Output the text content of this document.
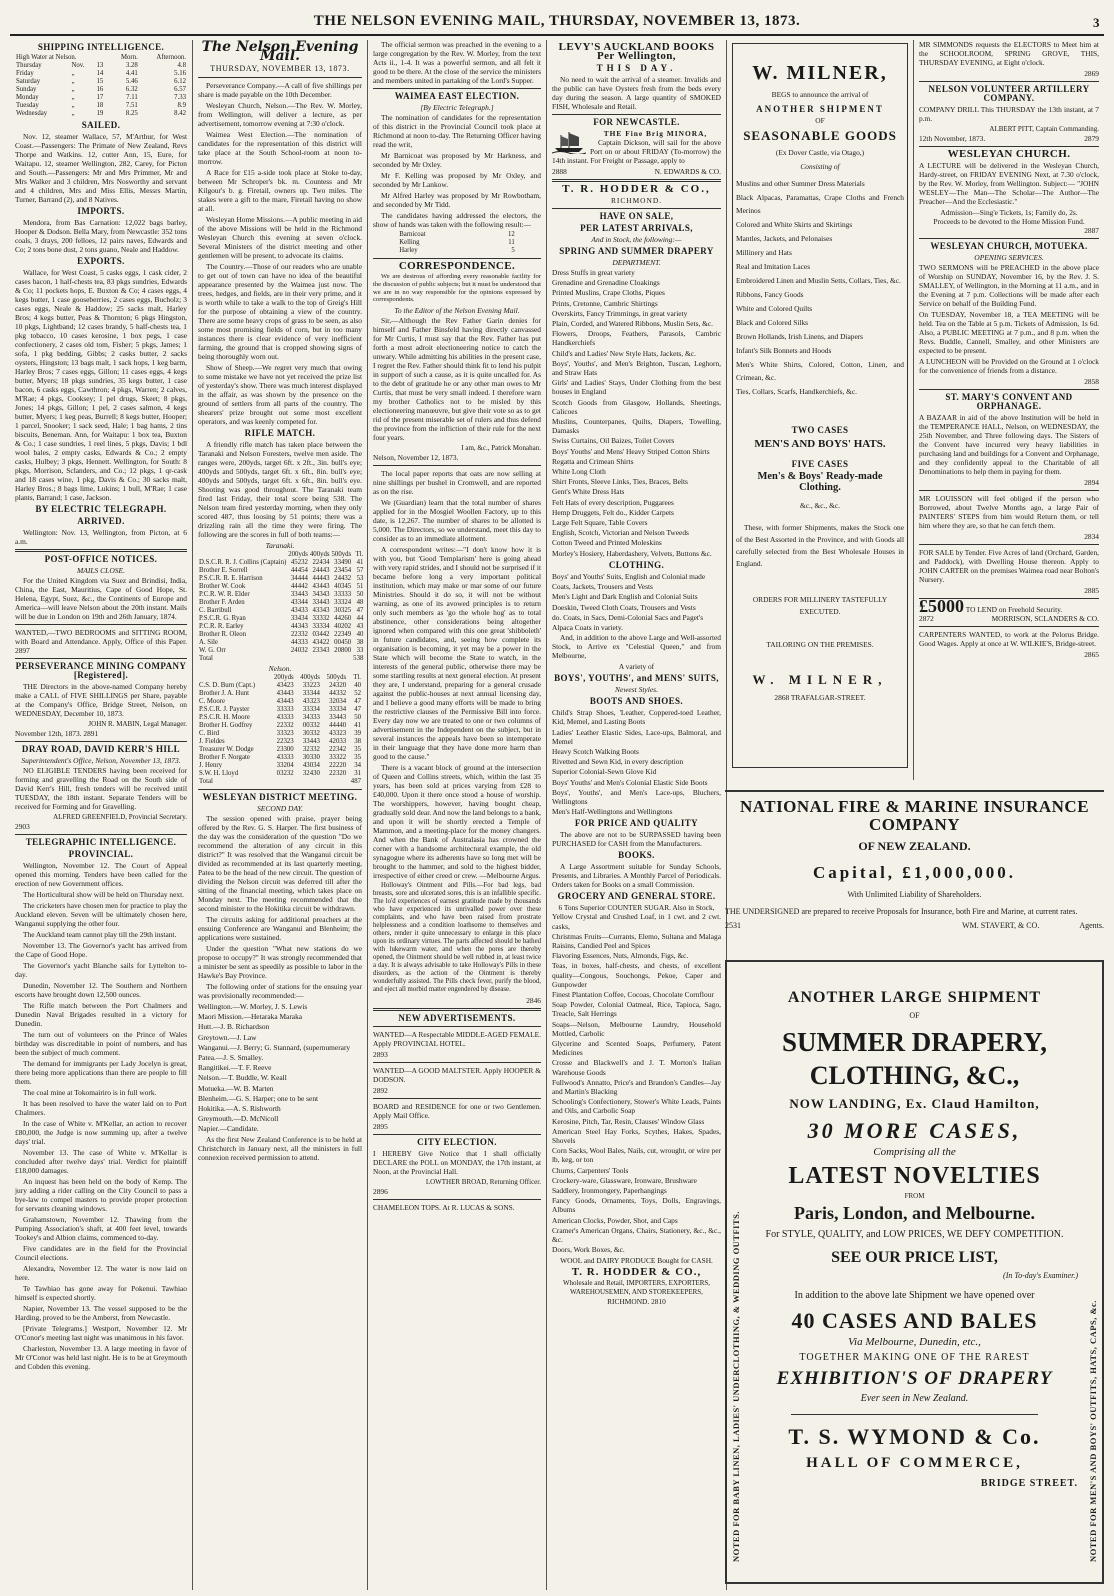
THE NELSON EVENING MAIL, THURSDAY, NOVEMBER 13, 1873.	3
SHIPPING INTELLIGENCE.
High Water at Nelson.			Morn.	Afternoon.
Thursday	Nov.	13	3.28	4.8
Friday	„	14	4.41	5.16
Saturday	„	15	5.46	6.12
Sunday	„	16	6.32	6.57
Monday	„	17	7.11	7.33
Tuesday	„	18	7.51	8.9
Wednesday	„	19	8.25	8.42
SAILED.

Nov. 12, steamer Wallace, 57, M'Arthur, for West Coast.—Passengers: The Primate of New Zealand, Revs Thorpe and Watkins. 12, cutter Ann, 15, Eure, for Waitapu. 12, steamer Wellington, 282, Carey, for Picton and South.—Passengers: Mr and Mrs Primmer, Mr and Mrs Walker and 3 children, Mrs Nosworthy and servant and 4 children, Mrs and Miss Ellis, Messrs Martin, Turner, Barrand (2), and 8 Natives.

IMPORTS.

Mendora, from Bas Carnation: 12,022 bags barley, Hooper & Dodson. Bella Mary, from Newcastle: 352 tons coals, 3 drays, 200 felloes, 12 pairs naves, Edwards and Co; 2 tons bone dust, 2 tons guano, Neale and Haddow.

EXPORTS.

Wallace, for West Coast, 5 casks eggs, 1 cask cider, 2 cases bacon, 1 half-chests tea, 83 pkgs sundries, Edwards & Co; 11 pockets hops, E. Buxton & Co; 4 cases eggs, 4 kegs butter, 1 case gooseberries, 2 cases eggs, Bucholz; 3 cases eggs, Neale & Haddow; 25 sacks malt, Harley Bros; 4 kegs butter, Peas & Thornton; 6 pkgs Hingston, 10 pkgs, Lightband; 12 cases brandy, 5 half-chests tea, 1 pkg tobacco, 10 cases kerosine, 1 box pegs, 1 case confectionery, 2 cases old tom, Fisher; 5 pkgs, James; 1 sofa, 1 pkg bedding, Gibbs; 2 casks butter, 2 sacks oysters, Hingston; 13 bags malt, 1 sack hops, 1 keg barm, Harley Bros; 7 cases eggs, Gillon; 11 cases eggs, 4 kegs butter, Myers; 18 pkgs sundries, 35 kegs butter, 1 case bacon, 6 casks eggs, Cawthron; 4 pkgs, Warren; 2 calves, M'Rae; 4 pkgs, Cooksey; 1 pel drugs, Skeet; 8 pkgs, Jones; 14 pkgs, Gillon; 1 pel, 2 cases salmon, 4 kegs butter, Myers; 1 keg peas, Burrell; 8 kegs butter, Hooper; 1 parcel, Snooker; 1 sack seed, Hale; 1 bag hams, 2 tins biscuits, Beneman. Ann, for Waitapu: 1 box tea, Buxton & Co.; 1 case sundries, 1 reel lines, 5 pkgs, Davis; 1 bdl wool bales, 2 empty casks, Edwards & Co.; 2 empty casks, Hulbey; 3 pkgs, Hennett. Wellington, for South: 8 pkgs, Morrison, Sclanders, and Co.; 12 pkgs, 1 qr-cask and 18 cases wine, 1 pkg, Davis & Co.; 30 sacks malt, Harley Bros.; 8 bags lime, Lukins; 1 bull, M'Rae; 1 case plants, Barrand; 1 case, Jackson.

BY ELECTRIC TELEGRAPH.
ARRIVED.

Wellington: Nov. 13, Wellington, from Picton, at 6 a.m.

POST-OFFICE NOTICES.
MAILS CLOSE.

For the United Kingdom via Suez and Brindisi, India, China, the East, Mauritius, Cape of Good Hope, St. Helena, Egypt, Suez, &c., the Continents of Europe and America—will leave Nelson about the 20th instant. Mails will be due in London on 19th and 26th January, 1874.

WANTED,—TWO BEDROOMS and SITTING ROOM, with Board and Attendance. Apply, Office of this Paper. 2897

PERSEVERANCE MINING COMPANY [Registered].

THE Directors in the above-named Company hereby make a CALL of FIVE SHILLINGS per Share, payable at the Company's Office, Bridge Street, Nelson, on WEDNESDAY, December 10, 1873.

JOHN R. MABIN, Legal Manager.
November 12th, 1873. 2891
DRAY ROAD, DAVID KERR'S HILL
Superintendent's Office, Nelson, November 13, 1873.

NO ELIGIBLE TENDERS having been received for forming and gravelling the Road on the South side of David Kerr's Hill, fresh tenders will be received until TUESDAY, the 18th instant. Separate Tenders will be received for Forming and for Gravelling.

ALFRED GREENFIELD, Provincial Secretary.
2903
TELEGRAPHIC INTELLIGENCE.
PROVINCIAL.

Wellington, November 12. The Court of Appeal opened this morning. Tenders have been called for the erection of new Government offices.

The Horticultural show will be held on Thursday next.

The cricketers have chosen men for practice to play the Auckland eleven. Seven will be ultimately chosen here, Wanganui supplying the other four.

The Auckland team cannot play till the 29th instant.

November 13. The Governor's yacht has arrived from the Cape of Good Hope.

The Governor's yacht Blanche sails for Lyttelton to-day.

Dunedin, November 12. The Southern and Northern escorts have brought down 12,500 ounces.

The Rifle match between the Port Chalmers and Dunedin Naval Brigades resulted in a victory for Dunedin.

The turn out of volunteers on the Prince of Wales birthday was discreditable in point of numbers, and has been the subject of much comment.

The demand for immigrants per Lady Jocelyn is great, there being more applications than there are people to fill them.

The coal mine at Tokomairiro is in full work.

It has been resolved to have the water laid on to Port Chalmers.

In the case of White v. M'Kellar, an action to recover £80,000, the Judge is now summing up, after a twelve days' trial.

November 13. The case of White v. M'Kellar is concluded after twelve days' trial. Verdict for plaintiff £18,000 damages.

An inquest has been held on the body of Kemp. The jury adding a rider calling on the City Council to pass a bye-law to compel masters to provide proper protection for servants cleaning windows.

Grahamstown, November 12. Thawing from the Pumping Association's shaft, at 400 feet level, towards Tookey's and Albion claims, commenced to-day.

Five candidates are in the field for the Provincial Council elections.

Alexandra, November 12. The water is now laid on here.

Te Tawhiao has gone away for Pokenui. Tawhiao himself is expected shortly.

Napier, November 13. The vessel supposed to be the Harding, proved to be the Amberst, from Newcastle.

[Private Telegrams.] Westport, November 12. Mr O'Conor's meeting last night was unanimous in his favor.

Charleston, November 13. A large meeting in favor of Mr O'Conor was held last night. He is to be at Greymouth and Cobden this evening.

The Nelson Evening Mail.
THURSDAY, NOVEMBER 13, 1873.

Perseverance Company.—A call of five shillings per share is made payable on the 10th December.

Wesleyan Church, Nelson.—The Rev. W. Morley, from Wellington, will deliver a lecture, as per advertisement, tomorrow evening at 7:30 o'clock.

Waimea West Election.—The nomination of candidates for the representation of this district will take place at the South School-room at noon to-morrow.

A Race for £15 a-side took place at Stoke to-day, between Mr Schroper's bk. m. Countess and Mr Kilgour's b. g. Firetail, owners up. Two miles. The stakes were a gift to the mare, Firetail having no show at all.

Wesleyan Home Missions.—A public meeting in aid of the above Missions will be held in the Richmond Wesleyan Church this evening at seven o'clock. Several Ministers of the district meeting and other gentlemen will be present, to advocate its claims.

The Country.—Those of our readers who are unable to get out of town can have no idea of the beautiful appearance presented by the Waimea just now. The trees, hedges, and fields, are in their very prime, and it is worth while to take a walk to the top of Greig's Hill for the purpose of obtaining a view of the country. There are some heavy crops of grass to be seen, as also some most promising fields of corn, but in too many instances there is clear evidence of very inefficient farming, the ground that is cropped showing signs of being thoroughly worn out.

Show of Sheep.—We regret very much that owing to some mistake we have not yet received the prize list of yesterday's show. There was much interest displayed in the affair, as was shown by the presence on the ground of settlers from all parts of the country. The shearers' prize brought out some most excellent operators, and was keenly competed for.

RIFLE MATCH.

A friendly rifle match has taken place between the Taranaki and Nelson Foresters, twelve men aside. The ranges were, 200yds, target 6ft. x 2ft., 3in. bull's eye; 400yds and 500yds, target 6ft. x 6ft., 8in. bull's eye; 400yds and 500yds, target 6ft. x 6ft., 8in. bull's eye. Shooting was good throughout. The Taranaki team fired last Friday, their total score being 538. The Nelson team fired yesterday morning, when they only scored 487, thus loosing by 51 points; there was a drizzling rain all the time they were firing. The following are the scores in full of both teams:—

Taranaki.
	200yds	400yds	500yds	Tl.
D.S.C.R. R. J. Collins (Captain)	45232	22434	33490	41
Brother E. Sorrell	44454	24443	23454	57
P.S.C.R. R. E. Harrison	34444	44443	24432	53
Brother W. Cook	44442	43443	40345	51
P.C.R. W. R. Elder	33443	34343	33333	50
Brother F. Arden	43344	33443	33324	48
C. Barribull	43433	43343	30325	47
P.S.C.R. G. Ryan	33434	33332	44260	44
P.C.R. R. Earley	44343	33334	40202	43
Brother R. Oleon	22332	03442	22349	40
A. Sile	44333	43422	00450	38
W. G. Orr	24032	23343	20800	33
Total				538
Nelson.
	200yds	400yds	500yds	Tl.
C.S. D. Burn (Capt.)	43423	33223	24320	40
Brother J. A. Hunt	43443	33344	44332	52
C. Moore	43443	43323	32034	47
P.S.C.R. J. Payster	33333	33334	33334	47
P.S.C.R. H. Moore	43333	34333	33443	50
Brother H. Godfrey	22332	00332	44440	41
C. Bird	33323	30332	43323	39
J. Fieldes	22323	33443	42033	38
Treasurer W. Dodge	23300	32332	22342	35
Brother F. Norgate	43333	30330	33322	35
J. Henry	33204	43034	22220	34
S.W. H. Lloyd	03232	32430	22320	31
Total				487
WESLEYAN DISTRICT MEETING.
SECOND DAY.

The session opened with praise, prayer being offered by the Rev. G. S. Harper. The first business of the day was the consideration of the question "Do we recommend the alteration of any circuit in this district?" It was resolved that the Wanganui circuit be divided as recommended at its last quarterly meeting, Patea to be the head of the new circuit. The question of dividing the Nelson circuit was deferred till after the sitting of the financial meeting, which takes place on Monday next. The meeting recommended that the second minister to the Hokitika circuit be withdrawn.

The circuits asking for additional preachers at the ensuing Conference are Wanganui and Blenheim; the applications were sustained.

Under the question "What new stations do we propose to occupy?" It was strongly recommended that a minister be sent as speedily as possible to labor in the Hawke's Bay Province.

The following order of stations for the ensuing year was provisionally recommended:—

Wellington.—W. Morley, J. S. Lewis
Maori Mission.—Hetaraka Maraka
Hutt.—J. B. Richardson
Greytown.—J. Law
Wanganui.—J. Berry; G. Stannard, (supernumerary
Patea.—J. S. Smalley.
Rangitikei.—T. F. Reeve
Nelson.—T. Buddle, W. Keall
Motueka.—W. B. Marten
Blenheim.—G. S. Harper; one to be sent
Hokitika.—A. S. Rishworth
Greymouth.—D. McNicoll
Napier.—Candidate.

As the first New Zealand Conference is to be held at Christchurch in January next, all the ministers in full connexion received permission to attend.

The official sermon was preached in the evening to a large congregation by the Rev. W. Morley, from the text Acts ii., 1-4. It was a powerful sermon, and all felt it good to be there. At the close of the service the ministers and members united in partaking of the Lord's Supper.

WAIMEA EAST ELECTION.
[By Electric Telegraph.]

The nomination of candidates for the representation of this district in the Provincial Council took place at Richmond at noon to-day. The Returning Officer having read the writ,

Mr Barnicoat was proposed by Mr Harkness, and seconded by Mr Oxley.

Mr F. Kelling was proposed by Mr Oxley, and seconded by Mr Lankow.

Mr Alfred Harley was proposed by Mr Rowbotham, and seconded by Mr Tidd.

The candidates having addressed the electors, the show of hands was taken with the following result:—

Barnicoat	12
Kelling	11
Harley	5
CORRESPONDENCE.

We are desirous of affording every reasonable facility for the discussion of public subjects; but it must be understood that we are in no way responsible for the opinions expressed by correspondents.

To the Editor of the Nelson Evening Mail.

Sir,—Although the Rev Father Garin denies for himself and Father Binsfeld having directly canvassed for Mr Curtis, I must say that the Rev. Father has put forth a most adroit electioneering notice to catch the unwary. While admitting his abilities in the present case, I regret the Rev. Father should think fit to lend his pulpit in support of such a cause, as it is quite uncalled for. As to the debt of gratitude he or any other man owes to Mr Curtis, that must be very small indeed. I therefore warn my brother Catholics not to be misled by this electioneering manœuvre, but give their vote so as to get rid of the present miserable set of rulers and thus defend the province from the infliction of their rule for the next four years.

I am, &c., Patrick Monahan.
Nelson, November 12, 1873.

The local paper reports that oats are now selling at nine shillings per bushel in Cromwell, and are reported as on the rise.

We (Guardian) learn that the total number of shares applied for in the Mosgiel Woollen Factory, up to this date, is 12,267. The number of shares to be allotted is 5,000. The Directors, so we understand, meet this day to consider as to an immediate allotment.

A correspondent writes:—"I don't know how it is with you, but 'Good Templarism' here is going ahead with very rapid strides, and I should not be surprised if it became before long a very important political institution, which may make or mar some of our future Ministries. Should it do so, it will not be without warning, as one of its avowed principles is to return only such members as 'go the whole hog' as to total abstinence, other considerations being altogether ignored when compared with this one great 'shibboleth' in future candidates, and, seeing how complete its organisation is becoming, it yet may be a power in the State which will become the State to watch, in the interests of the general public, otherwise there may be some startling results at next general election. At present they are, I understand, preparing for a general crusade against the public-houses at next annual licensing day, and I believe a good many efforts will be made to bring the restrictive clauses of the Permissive Bill into force. Every day now we are treated to one or two columns of advertisement in the Independent on the subject, but in several instances the appeals have been so intemperate in their language that they have done more harm than good to the cause."

There is a vacant block of ground at the intersection of Queen and Collins streets, which, within the last 35 years, has been sold at prices varying from £28 to £40,000. Upon it there once stood a house of worship. The worshippers, however, having bought cheap, gradually sold dear. And now the land belongs to a bank, and upon it will be shortly erected a Temple of Mammon, and a meeting-place for the money changers. And when the Bank of Australasia has crowned the corner with a handsome architectural example, the old synagogue where its adherents have so long met will be brought to the hammer, and sold to the highest bidder, irrespective of either creed or crew. —Melbourne Argus.

Holloway's Ointment and Pills.—For bad legs, bad breasts, sore and ulcerated sores, this is an infallible specific. The lo'd experiences of earnest gratitude made by thousands who have experienced its unrivalled power over these complaints, and who have been raised from prostrate helplessness and a condition loathsome to themselves and others, render it quite unnecessary to enlarge in this place upon its ordinary virtues. The parts affected should be bathed with lukewarm water, and when the pores are thereby opened, the Ointment should be well rubbed in, at least twice a day. It is always advisable to take Holloway's Pills in these disorders, as the action of the Ointment is thereby wonderfully assisted. The Pills check fever, purify the blood, and eject all morbid matter engendered by disease.

2846
NEW ADVERTISEMENTS.

WANTED—A Respectable MIDDLE-AGED FEMALE. Apply PROVINCIAL HOTEL.

2893

WANTED—A GOOD MALTSTER. Apply HOOPER & DODSON.

2892

BOARD and RESIDENCE for one or two Gentlemen. Apply Mail Office.

2895
CITY ELECTION.

I HEREBY Give Notice that I shall officially DECLARE the POLL on MONDAY, the 17th instant, at Noon, at the Provincial Hall.

LOWTHER BROAD, Returning Officer.
2896

CHAMELEON TOPS. At R. LUCAS & SONS.

LEVY'S AUCKLAND BOOKS Per Wellington,
THIS DAY.

No need to wait the arrival of a steamer. Invalids and the public can have Oysters fresh from the beds every day during the season. A large quantity of SMOKED FISH, Wholesale and Retail.

FOR NEWCASTLE.
THE Fine Brig MINORA,

Captain Dickson, will sail for the above Port on or about FRIDAY (To-morrow) the 14th instant. For Freight or Passage, apply to

2888	N. EDWARDS & CO.
T. R. HODDER & CO.,
RICHMOND.
HAVE ON SALE,
PER LATEST ARRIVALS,
And in Stock, the following:—
SPRING AND SUMMER DRAPERY
DEPARTMENT.
Dress Stuffs in great variety
Grenadine and Grenadine Cloakings
Printed Muslins, Crape Cloths, Piques
Prints, Cretonne, Cambric Shirtings
Overskirts, Fancy Trimmings, in great variety
Plain, Corded, and Watered Ribbons, Muslin Sets, &c.
Flowers, Droops, Feathers, Parasols, Cambric Handkerchiefs
Child's and Ladies' New Style Hats, Jackets, &c.
Boys', Youths', and Men's Brighton, Tuscan, Leghorn, and Straw Hats
Girls' and Ladies' Stays, Under Clothing from the best houses in England
Scotch Goods from Glasgow, Hollands, Sheetings, Calicoes
Muslins, Counterpanes, Quilts, Diapers, Towelling, Damasks
Swiss Curtains, Oil Baizes, Toilet Covers
Boys' Youths' and Mens' Heavy Striped Cotton Shirts
Regatta and Crimean Shirts
White Long Cloth
Shirt Fronts, Sleeve Links, Ties, Braces, Belts
Gent's White Dress Hats
Felt Hats of every description, Puggarees
Hemp Druggets, Felt do., Kidder Carpets
Large Felt Square, Table Covers
English, Scotch, Victorian and Nelson Tweeds
Cotton Tweed and Printed Moleskins
Morley's Hosiery, Haberdashery, Velvets, Buttons &c.
CLOTHING.
Boys' and Youths' Suits, English and Colonial made
Coats, Jackets, Trousers and Vests
Men's Light and Dark English and Colonial Suits
Doeskin, Tweed Cloth Coats, Trousers and Vests
do. Coats, in Sacs, Demi-Colonial Sacs and Paget's
Alpaca Coats in variety.

And, in addition to the above Large and Well-assorted Stock, to Arrive ex "Celestial Queen," and from Melbourne,

A variety of
BOYS', YOUTHS', and MENS' SUITS,
Newest Styles.
BOOTS AND SHOES.
Child's Strap Shoes, 'Leather, Coppered-toed Leather, Kid, Memel, and Lasting Boots
Ladies' Leather Elastic Sides, Lace-ups, Balmoral, and Memel
Heavy Scotch Walking Boots
Rivetted and Sewn Kid, in every description
Superior Colonial-Sewn Glove Kid
Boys' Youths' and Men's Colonial Elastic Side Boots
Boys', Youths', and Men's Lace-ups, Bluchers, Wellingtons
Men's Half-Wellingtons and Wellingtons
FOR PRICE AND QUALITY

The above are not to be SURPASSED having been PURCHASED for CASH from the Manufacturers.

BOOKS.

A Large Assortment suitable for Sunday Schools, Presents, and Libraries. A Monthly Parcel of Periodicals. Orders taken for Books on a small Commission.

GROCERY AND GENERAL STORE.
6 Tons Superior COUNTER SUGAR. Also in Stock,
Yellow Crystal and Crushed Loaf, in 1 cwt. and 2 cwt. casks,
Christmas Fruits—Currants, Elemo, Sultana and Malaga Raisins, Candied Peel and Spices
Flavoring Essences, Nuts, Almonds, Figs, &c.
Teas, in boxes, half-chests, and chests, of excellent quality—Congous, Souchongs, Pekoe, Caper and Gunpowder
Finest Plantation Coffee, Cocoas, Chocolate Cornflour
Soap Powder, Colonial Oatmeal, Rice, Tapioca, Sago, Treacle, Salt Herrings
Soaps—Nelson, Melbourne Laundry, Household Mottled, Carbolic
Glycerine and Scented Soaps, Perfumery, Patent Medicines
Crosse and Blackwell's and J. T. Morton's Italian Warehouse Goods
Fullwood's Annatto, Price's and Brandon's Candles—Jay and Martin's Blacking
Schooling's Confectionery, Stower's White Leads, Paints and Oils, and Carbolic Soap
Kerosine, Pitch, Tar, Resin, Clauses' Window Glass
American Steel Hay Forks, Scythes, Hakes, Spades, Shovels
Corn Sacks, Wool Bales, Nails, cut, wrought, or wire per lb, keg, or ton
Churns, Carpenters' Tools
Crockery-ware, Glassware, Ironware, Brushware
Saddlery, Ironmongery, Paperhangings
Fancy Goods, Ornaments, Toys, Dolls, Engravings, Albums
American Clocks, Powder, Shot, and Caps
Cramer's American Organs, Chairs, Stationery, &c., &c., &c.
Doors, Work Boxes, &c.
WOOL and DAIRY PRODUCE Bought for CASH.
T. R. HODDER & CO.,
Wholesale and Retail, IMPORTERS, EXPORTERS, WAREHOUSEMEN, AND STOREKEEPERS,
RICHMOND. 2810
W. MILNER,
BEGS to announce the arrival of
ANOTHER SHIPMENT
OF
SEASONABLE GOODS
(Ex Dover Castle, via Otago,)
Consisting of
Muslins and other Summer Dress Materials
Black Alpacas, Paramattas, Crape Cloths and French Merinos
Colored and White Skirts and Skirtings
Mantles, Jackets, and Pelonaises
Millinery and Hats
Real and Imitation Laces
Embroidered Linen and Muslin Setts, Collars, Ties, &c.
Ribbons, Fancy Goods
White and Colored Quilts
Black and Colored Silks
Brown Hollands, Irish Linens, and Diapers
Infant's Silk Bonnets and Hoods
Men's White Shirts, Colored, Cotton, Linen, and Crimean, &c.
Ties, Collars, Scarfs, Handkerchiefs, &c.
TWO CASES
MEN'S AND BOYS' HATS.
FIVE CASES
Men's & Boys' Ready-made Clothing.
&c., &c., &c.

These, with former Shipments, makes the Stock one of the Best Assorted in the Province, and with Goods all carefully selected from the Best Wholesale Houses in England.

ORDERS FOR MILLINERY TASTEFULLY EXECUTED.
TAILORING ON THE PREMISES.
W. MILNER,
2868 TRAFALGAR-STREET.

MR SIMMONDS requests the ELECTORS to Meet him at the SCHOOLROOM, SPRING GROVE, THIS, THURSDAY EVENING, at Eight o'clock.

2869
NELSON VOLUNTEER ARTILLERY COMPANY.

COMPANY DRILL This THURSDAY the 13th instant, at 7 p.m.

ALBERT PITT, Captain Commanding.
12th November, 1873.	2879
WESLEYAN CHURCH.

A LECTURE will be delivered in the Wesleyan Church, Hardy-street, on FRIDAY EVENING Next, at 7.30 o'clock, by the Rev. W. Morley, from Wellington. Subject:— "JOHN WESLEY—The Man—The Scholar—The Author—The Preacher—And the Ecclesiastic."

Admission—Sing'e Tickets, 1s; Family do, 2s.
Proceeds to be devoted to the Home Mission Fund.
2887
WESLEYAN CHURCH, MOTUEKA.
OPENING SERVICES.

TWO SERMONS will be PREACHED in the above place of Worship on SUNDAY, November 16, by the Rev. J. S. SMALLEY, of Wellington, in the Morning at 11 a.m., and in the Evening at 7 p.m. Collections will be made after each Service on behalf of the Building Fund.

On TUESDAY, November 18, a TEA MEETING will be held. Tea on the Table at 5 p.m. Tickets of Admission, 1s 6d. Also, a PUBLIC MEETING at 7 p.m., and 8 p.m. when the Revs. Buddle, Cannell, Smalley, and other Ministers are expected to be present.

A LUNCHEON will be Provided on the Ground at 1 o'clock for the convenience of friends from a distance.

2858
ST. MARY'S CONVENT AND ORPHANAGE.

A BAZAAR in aid of the above Institution will be held in the TEMPERANCE HALL, Nelson, on WEDNESDAY, the 25th November, and Three following days. The Sisters of the Convent have incurred very heavy liabilities in purchasing land and buildings for a Convent and Orphanage, and they confidently appeal to the Charitable of all Denominations to help them in paying for them.

2894

MR LOUISSON will feel obliged if the person who Borrowed, about Twelve Months ago, a large Pair of PAINTERS' STEPS from him would Return them, or tell him where they are, so that he can fetch them.

2834

FOR SALE by Tender. Five Acres of land (Orchard, Garden, and Paddock), with Dwelling House thereon. Apply to JOHN CARTER on the premises Waimea road near Bolton's Nursery.

2885
£5000 TO LEND on Freehold Security.
2872	MORRISON, SCLANDERS & CO.

CARPENTERS WANTED, to work at the Pelorus Bridge. Good Wages. Apply at once at W. WILKIE'S, Bridge-street.

2865
NATIONAL FIRE & MARINE INSURANCE COMPANY
OF NEW ZEALAND.
Capital, £1,000,000.
With Unlimited Liability of Shareholders.

THE UNDERSIGNED are prepared to receive Proposals for Insurance, both Fire and Marine, at current rates.

2531	Agents.
WM. STAVERT, & CO.
NOTED FOR BABY LINEN, LADIES' UNDERCLOTHING, & WEDDING OUTFITS.	NOTED FOR MEN'S AND BOYS' OUTFITS, HATS, CAPS, &c.
ANOTHER LARGE SHIPMENT
OF
SUMMER DRAPERY,
CLOTHING, &C.,
NOW LANDING, Ex. Claud Hamilton,
30 MORE CASES,
Comprising all the
LATEST NOVELTIES
FROM
Paris, London, and Melbourne.
For STYLE, QUALITY, and LOW PRICES, WE DEFY COMPETITION.
SEE OUR PRICE LIST,
(In To-day's Examiner.)
In addition to the above late Shipment we have opened over
40 CASES AND BALES
Via Melbourne, Dunedin, etc.,
TOGETHER MAKING ONE OF THE RAREST
EXHIBITION'S OF DRAPERY
Ever seen in New Zealand.
T. S. WYMOND & Co.
HALL OF COMMERCE,
BRIDGE STREET.
